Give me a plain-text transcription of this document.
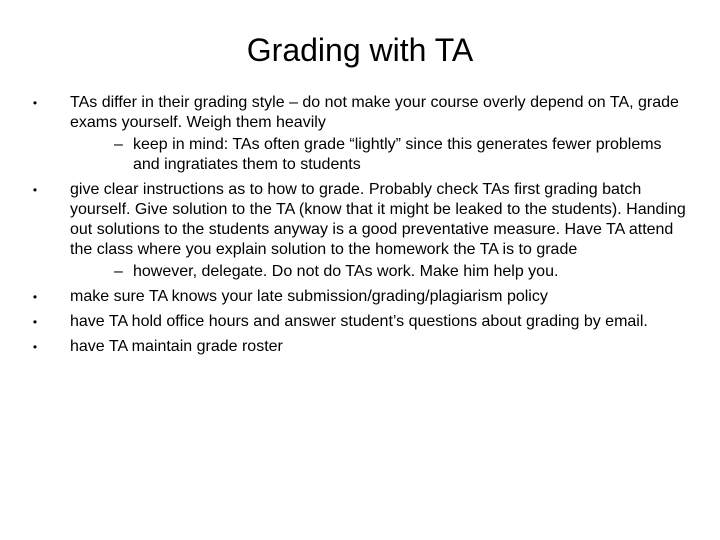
Grading with TA
•	TAs differ in their grading style – do not make your course overly depend on TA, grade exams yourself. Weigh them heavily
– keep in mind: TAs often grade “lightly” since this generates fewer problems and ingratiates them to students
•	give clear instructions as to how to grade. Probably check TAs first grading batch yourself. Give solution to the TA (know that it might be leaked to the students). Handing out solutions to the students anyway is a good preventative measure. Have TA attend the class where you explain solution to the homework the TA is to grade
– however, delegate. Do not do TAs work. Make him help you.
•	make sure TA knows your late submission/grading/plagiarism policy
•	have TA hold office hours and answer student’s questions about grading by email.
•	have TA maintain grade roster
